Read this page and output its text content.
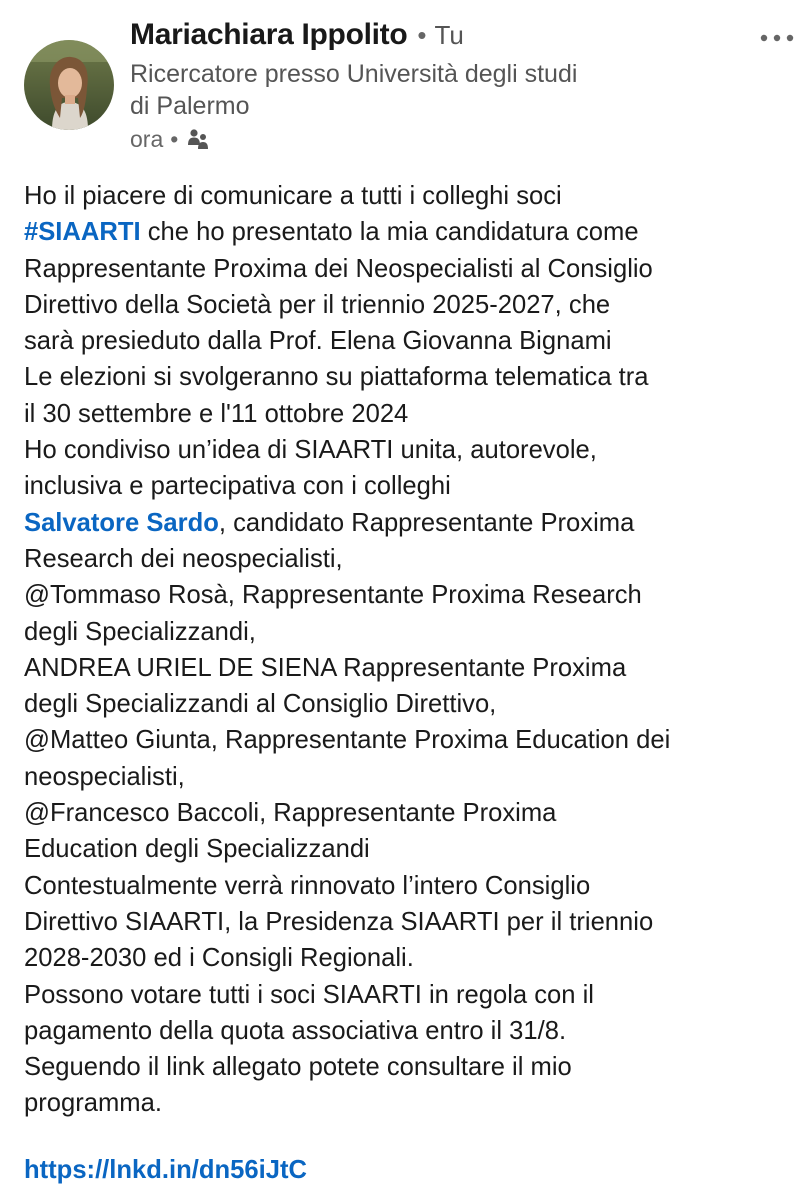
Mariachiara Ippolito • Tu
Ricercatore presso Università degli studi
di Palermo
ora •
Ho il piacere di comunicare a tutti i colleghi soci
#SIAARTI che ho presentato la mia candidatura come
Rappresentante Proxima dei Neospecialisti al Consiglio
Direttivo della Società per il triennio 2025-2027, che
sarà presieduto dalla Prof. Elena Giovanna Bignami
Le elezioni si svolgeranno su piattaforma telematica tra
il 30 settembre e l'11 ottobre 2024
Ho condiviso un’idea di SIAARTI unita, autorevole,
inclusiva e partecipativa con i colleghi
Salvatore Sardo, candidato Rappresentante Proxima
Research dei neospecialisti,
@Tommaso Rosà, Rappresentante Proxima Research
degli Specializzandi,
ANDREA URIEL DE SIENA Rappresentante Proxima
degli Specializzandi al Consiglio Direttivo,
@Matteo Giunta, Rappresentante Proxima Education dei
neospecialisti,
@Francesco Baccoli, Rappresentante Proxima
Education degli Specializzandi
Contestualmente verrà rinnovato l’intero Consiglio
Direttivo SIAARTI, la Presidenza SIAARTI per il triennio
2028-2030 ed i Consigli Regionali.
Possono votare tutti i soci SIAARTI in regola con il
pagamento della quota associativa entro il 31/8.
Seguendo il link allegato potete consultare il mio
programma.
https://lnkd.in/dn56iJtC
